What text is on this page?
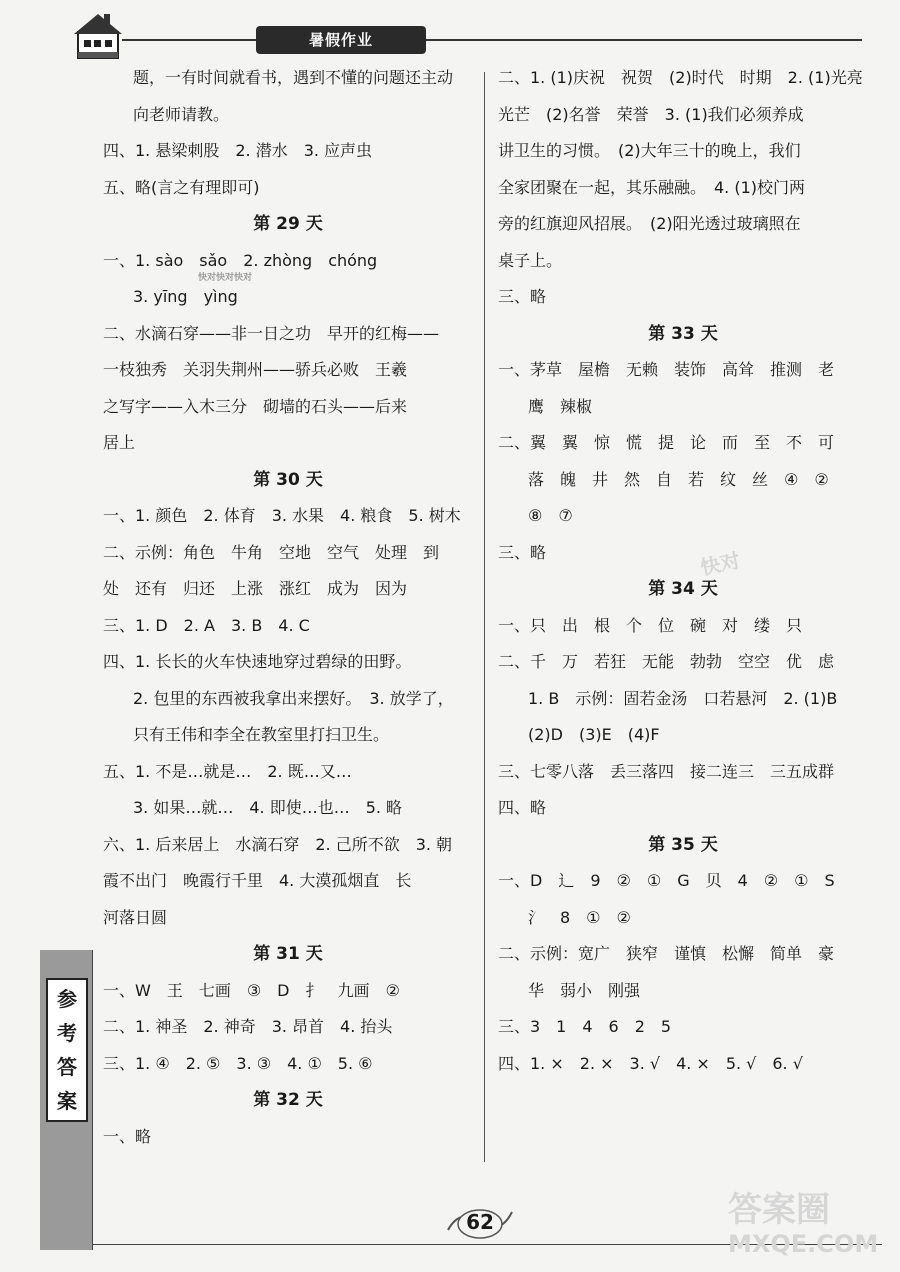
暑假作业	»
题，一有时间就看书，遇到不懂的问题还主动
向老师请教。
四、1. 悬梁刺股　2. 潜水　3. 应声虫
五、略(言之有理即可)
第 29 天
一、1. sào　sǎo　2. zhòng　chóng
3. yīng　yìng
二、水滴石穿——非一日之功　早开的红梅——
一枝独秀　关羽失荆州——骄兵必败　王羲
之写字——入木三分　砌墙的石头——后来
居上
第 30 天
一、1. 颜色　2. 体育　3. 水果　4. 粮食　5. 树木
二、示例：角色　牛角　空地　空气　处理　到
处　还有　归还　上涨　涨红　成为　因为
三、1. D　2. A　3. B　4. C
四、1. 长长的火车快速地穿过碧绿的田野。
2. 包里的东西被我拿出来摆好。　3. 放学了，
只有王伟和李全在教室里打扫卫生。
五、1. 不是…就是…　2. 既…又…
3. 如果…就…　4. 即使…也…　5. 略
六、1. 后来居上　水滴石穿　2. 己所不欲　3. 朝
霞不出门　晚霞行千里　4. 大漠孤烟直　长
河落日圆
第 31 天
一、W　王　七画　③　D　扌　九画　②
二、1. 神圣　2. 神奇　3. 昂首　4. 抬头
三、1. ④　2. ⑤　3. ③　4. ①　5. ⑥
第 32 天
一、略
二、1. (1)庆祝　祝贺　(2)时代　时期　2. (1)光亮
光芒　(2)名誉　荣誉　3. (1)我们必须养成
讲卫生的习惯。　(2)大年三十的晚上，我们
全家团聚在一起，其乐融融。　4. (1)校门两
旁的红旗迎风招展。　(2)阳光透过玻璃照在
桌子上。
三、略
第 33 天
一、茅草　屋檐　无赖　装饰　高耸　推测　老
鹰　辣椒
二、翼　翼　惊　慌　提　论　而　至　不　可
落　魄　井　然　自　若　纹　丝　④　②
⑧　⑦
三、略
第 34 天
一、只　出　根　个　位　碗　对　缕　只
二、千　万　若狂　无能　勃勃　空空　优　虑
1. B　示例：固若金汤　口若悬河　2. (1)B
(2)D　(3)E　(4)F
三、七零八落　丢三落四　接二连三　三五成群
四、略
第 35 天
一、D　辶　9　②　①　G　贝　4　②　①　S
氵　8　①　②
二、示例：宽广　狭窄　谨慎　松懈　简单　豪
华　弱小　刚强
三、3　1　4　6　2　5
四、1. ×　2. ×　3. √　4. ×　5. √　6. √
快对快对快对
快对
参
考
答
案
62	答案圈
MXQE.COM
